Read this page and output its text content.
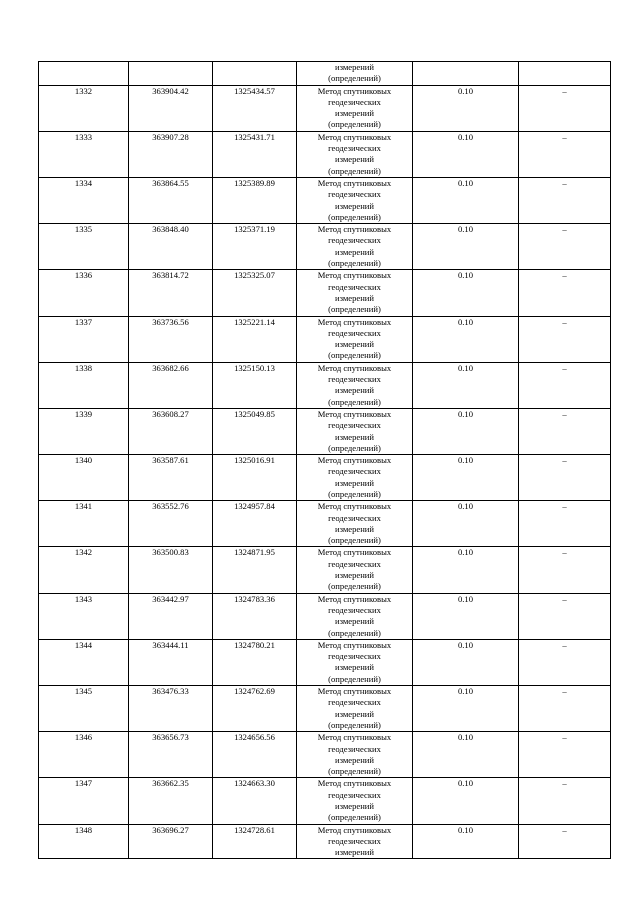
			измерений
(определений)		

1332	363904.42	1325434.57	Метод спутниковых
геодезических
измерений
(определений)	0.10	–
1333	363907.28	1325431.71	Метод спутниковых
геодезических
измерений
(определений)	0.10	–
1334	363864.55	1325389.89	Метод спутниковых
геодезических
измерений
(определений)	0.10	–
1335	363848.40	1325371.19	Метод спутниковых
геодезических
измерений
(определений)	0.10	–
1336	363814.72	1325325.07	Метод спутниковых
геодезических
измерений
(определений)	0.10	–
1337	363736.56	1325221.14	Метод спутниковых
геодезических
измерений
(определений)	0.10	–
1338	363682.66	1325150.13	Метод спутниковых
геодезических
измерений
(определений)	0.10	–
1339	363608.27	1325049.85	Метод спутниковых
геодезических
измерений
(определений)	0.10	–
1340	363587.61	1325016.91	Метод спутниковых
геодезических
измерений
(определений)	0.10	–
1341	363552.76	1324957.84	Метод спутниковых
геодезических
измерений
(определений)	0.10	–
1342	363500.83	1324871.95	Метод спутниковых
геодезических
измерений
(определений)	0.10	–
1343	363442.97	1324783.36	Метод спутниковых
геодезических
измерений
(определений)	0.10	–
1344	363444.11	1324780.21	Метод спутниковых
геодезических
измерений
(определений)	0.10	–
1345	363476.33	1324762.69	Метод спутниковых
геодезических
измерений
(определений)	0.10	–
1346	363656.73	1324656.56	Метод спутниковых
геодезических
измерений
(определений)	0.10	–
1347	363662.35	1324663.30	Метод спутниковых
геодезических
измерений
(определений)	0.10	–
1348	363696.27	1324728.61	Метод спутниковых
геодезических
измерений	0.10	–
